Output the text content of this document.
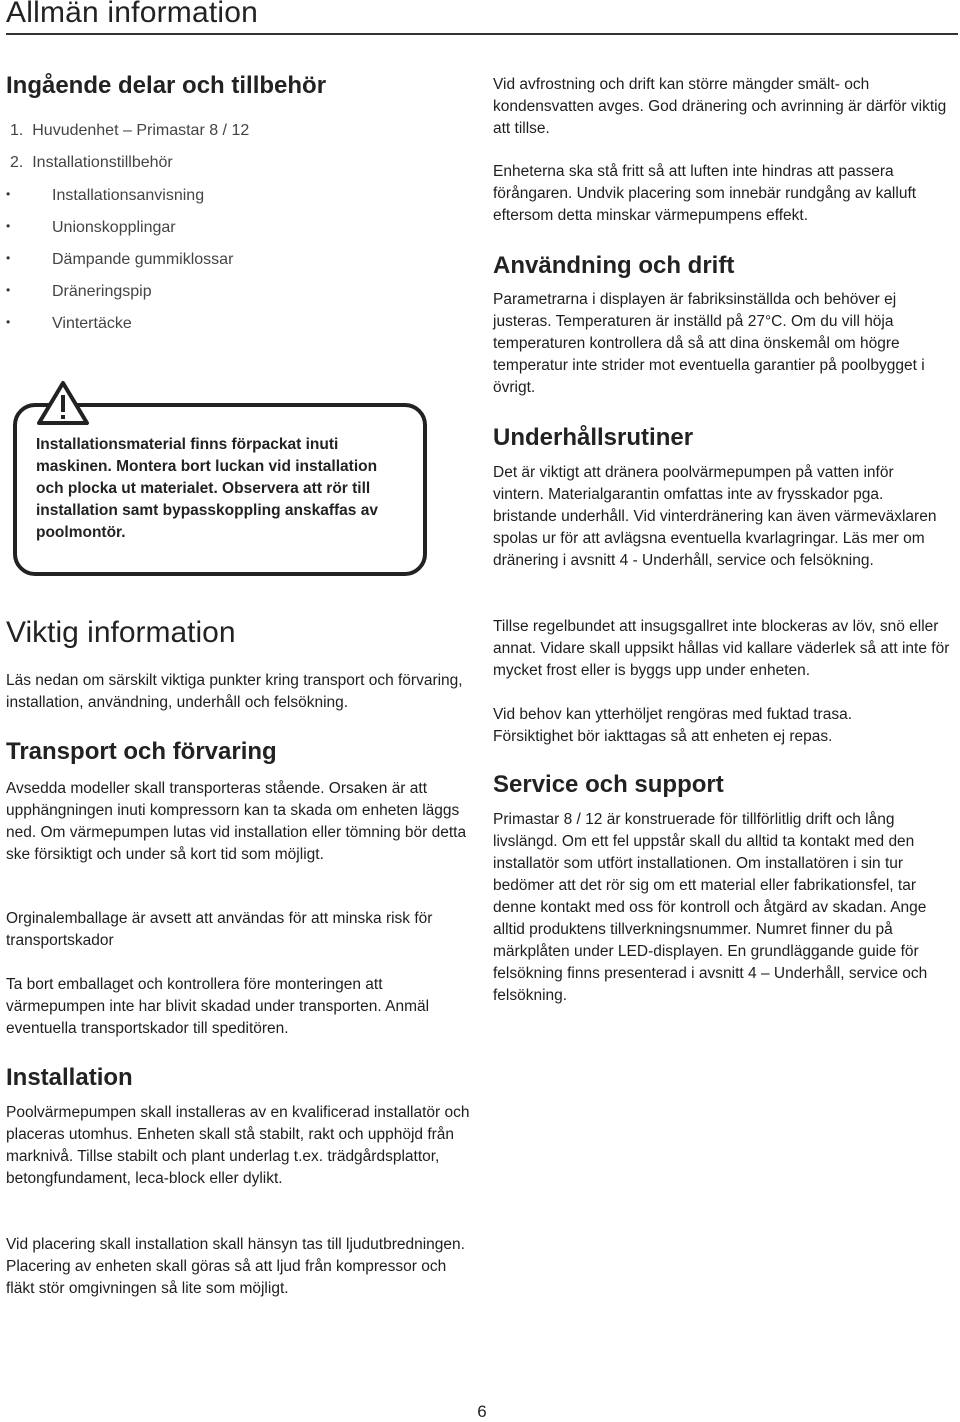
Allmän information
Ingående delar och tillbehör
1.  Huvudenhet – Primastar 8 / 12
2.  Installationstillbehör
•	Installationsanvisning
•	Unionskopplingar
•	Dämpande gummiklossar
•	Dräneringspip
•	Vintertäcke
Installationsmaterial finns förpackat inuti maskinen. Montera bort luckan vid installation och plocka ut materialet. Observera att rör till installation samt bypasskoppling anskaffas av poolmontör.
Viktig information

Läs nedan om särskilt viktiga punkter kring transport och förvaring, installation, användning, underhåll och felsökning.

Transport och förvaring

Avsedda modeller skall transporteras stående. Orsaken är att upphängningen inuti kompressorn kan ta skada om enheten läggs ned. Om värmepumpen lutas vid installation eller tömning bör detta ske försiktigt och under så kort tid som möjligt.

Orginalemballage är avsett att användas för att minska risk för transportskador

Ta bort emballaget och kontrollera före monteringen att värmepumpen inte har blivit skadad under transporten. Anmäl eventuella transportskador till speditören.

Installation

Poolvärmepumpen skall installeras av en kvalificerad installatör och placeras utomhus. Enheten skall stå stabilt, rakt och upphöjd från marknivå. Tillse stabilt och plant underlag t.ex. trädgårdsplattor, betongfundament, leca-block eller dylikt.

Vid placering skall installation skall hänsyn tas till ljudutbredningen. Placering av enheten skall göras så att ljud från kompressor och fläkt stör omgivningen så lite som möjligt.

Vid avfrostning och drift kan större mängder smält- och kondensvatten avges. God dränering och avrinning är därför viktig att tillse.

Enheterna ska stå fritt så att luften inte hindras att passera förångaren. Undvik placering som innebär rundgång av kalluft eftersom detta minskar värmepumpens effekt.

Användning och drift

Parametrarna i displayen är fabriksinställda och behöver ej justeras. Temperaturen är inställd på 27°C. Om du vill höja temperaturen kontrollera då så att dina önskemål om högre temperatur inte strider mot eventuella garantier på poolbygget i övrigt.

Underhållsrutiner

Det är viktigt att dränera poolvärmepumpen på vatten inför vintern. Materialgarantin omfattas inte av frysskador pga. bristande underhåll. Vid vinterdränering kan även värmeväxlaren spolas ur för att avlägsna eventuella kvarlagringar. Läs mer om dränering i avsnitt 4 - Underhåll, service och felsökning.

Tillse regelbundet att insugsgallret inte blockeras av löv, snö eller annat. Vidare skall uppsikt hållas vid kallare väderlek så att inte för mycket frost eller is byggs upp under enheten.

Vid behov kan ytterhöljet rengöras med fuktad trasa. Försiktighet bör iakttagas så att enheten ej repas.

Service och support

Primastar 8 / 12 är konstruerade för tillförlitlig drift och lång livslängd. Om ett fel uppstår skall du alltid ta kontakt med den installatör som utfört installationen. Om installatören i sin tur bedömer att det rör sig om ett material eller fabrikationsfel, tar denne kontakt med oss för kontroll och åtgärd av skadan. Ange alltid produktens tillverkningsnummer. Numret finner du på märkplåten under LED-displayen. En grundläggande guide för felsökning finns presenterad i avsnitt 4 – Underhåll, service och felsökning.

6
